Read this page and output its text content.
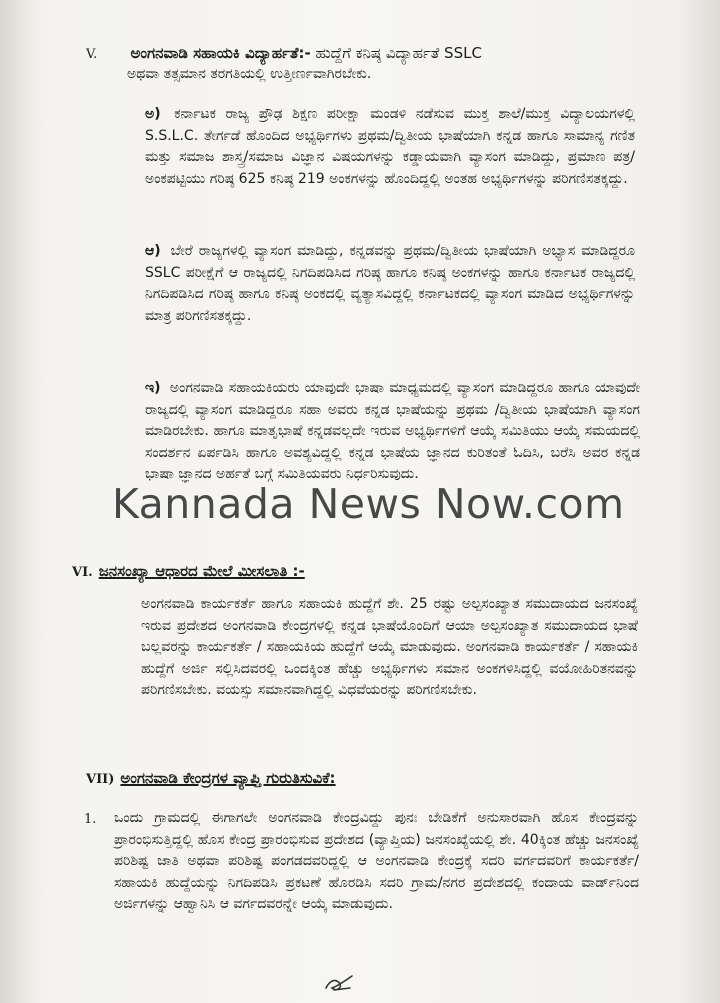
V. ಅಂಗನವಾಡಿ ಸಹಾಯಕಿ ವಿದ್ಯಾರ್ಹತೆ:- ಹುದ್ದೆಗೆ ಕನಿಷ್ಠ ವಿದ್ಯಾರ್ಹತೆ SSLC
ಅಥವಾ ತತ್ಸಮಾನ ತರಗತಿಯಲ್ಲಿ ಉತ್ತೀರ್ಣವಾಗಿರಬೇಕು.
ಅ) ಕರ್ನಾಟಕ ರಾಜ್ಯ ಪ್ರೌಢ ಶಿಕ್ಷಣ ಪರೀಕ್ಷಾ ಮಂಡಳಿ ನಡೆಸುವ ಮುಕ್ತ ಶಾಲೆ/ಮುಕ್ತ ವಿದ್ಯಾಲಯಗಳಲ್ಲಿ S.S.L.C. ತೇರ್ಗಡೆ ಹೊಂದಿದ ಅಭ್ಯರ್ಥಿಗಳು ಪ್ರಥಮ/ದ್ವಿತೀಯ ಭಾಷೆಯಾಗಿ ಕನ್ನಡ ಹಾಗೂ ಸಾಮಾನ್ಯ ಗಣಿತ ಮತ್ತು ಸಮಾಜ ಶಾಸ್ತ್ರ/ಸಮಾಜ ವಿಜ್ಞಾನ ವಿಷಯಗಳನ್ನು ಕಡ್ಡಾಯವಾಗಿ ವ್ಯಾಸಂಗ ಮಾಡಿದ್ದು, ಪ್ರಮಾಣ ಪತ್ರ/ಅಂಕಪಟ್ಟಿಯು ಗರಿಷ್ಠ 625 ಕನಿಷ್ಠ 219 ಅಂಕಗಳನ್ನು ಹೊಂದಿದ್ದಲ್ಲಿ ಅಂತಹ ಅಭ್ಯರ್ಥಿಗಳನ್ನು ಪರಿಗಣಿಸತಕ್ಕದ್ದು.
ಆ) ಬೇರೆ ರಾಜ್ಯಗಳಲ್ಲಿ ವ್ಯಾಸಂಗ ಮಾಡಿದ್ದು, ಕನ್ನಡವನ್ನು ಪ್ರಥಮ/ದ್ವಿತೀಯ ಭಾಷೆಯಾಗಿ ಅಭ್ಯಾಸ ಮಾಡಿದ್ದರೂ SSLC ಪರೀಕ್ಷೆಗೆ ಆ ರಾಜ್ಯದಲ್ಲಿ ನಿಗದಿಪಡಿಸಿದ ಗರಿಷ್ಠ ಹಾಗೂ ಕನಿಷ್ಠ ಅಂಕಗಳನ್ನು ಹಾಗೂ ಕರ್ನಾಟಕ ರಾಜ್ಯದಲ್ಲಿ ನಿಗದಿಪಡಿಸಿದ ಗರಿಷ್ಠ ಹಾಗೂ ಕನಿಷ್ಠ ಅಂಕದಲ್ಲಿ ವ್ಯತ್ಯಾಸವಿದ್ದಲ್ಲಿ ಕರ್ನಾಟಕದಲ್ಲಿ ವ್ಯಾಸಂಗ ಮಾಡಿದ ಅಭ್ಯರ್ಥಿಗಳನ್ನು ಮಾತ್ರ ಪರಿಗಣಿಸತಕ್ಕದ್ದು.
ಇ) ಅಂಗನವಾಡಿ ಸಹಾಯಕಿಯರು ಯಾವುದೇ ಭಾಷಾ ಮಾಧ್ಯಮದಲ್ಲಿ ವ್ಯಾಸಂಗ ಮಾಡಿದ್ದರೂ ಹಾಗೂ ಯಾವುದೇ ರಾಜ್ಯದಲ್ಲಿ ವ್ಯಾಸಂಗ ಮಾಡಿದ್ದರೂ ಸಹಾ ಅವರು ಕನ್ನಡ ಭಾಷೆಯನ್ನು ಪ್ರಥಮ /ದ್ವಿತೀಯ ಭಾಷೆಯಾಗಿ ವ್ಯಾಸಂಗ ಮಾಡಿರಬೇಕು. ಹಾಗೂ ಮಾತೃಭಾಷೆ ಕನ್ನಡವಲ್ಲದೇ ಇರುವ ಅಭ್ಯರ್ಥಿಗಳಿಗೆ ಆಯ್ಕೆ ಸಮಿತಿಯು ಆಯ್ಕೆ ಸಮಯದಲ್ಲಿ ಸಂದರ್ಶನ ಏರ್ಪಡಿಸಿ ಹಾಗೂ ಅವಶ್ಯವಿದ್ದಲ್ಲಿ ಕನ್ನಡ ಭಾಷೆಯ ಜ್ಞಾನದ ಕುರಿತಂತೆ ಓದಿಸಿ, ಬರೆಸಿ ಅವರ ಕನ್ನಡ ಭಾಷಾ ಜ್ಞಾನದ ಅರ್ಹತೆ ಬಗ್ಗೆ ಸಮಿತಿಯವರು ನಿರ್ಧರಿಸುವುದು.
Kannada News Now.com
VI. ಜನಸಂಖ್ಯಾ ಆಧಾರದ ಮೇಲೆ ಮೀಸಲಾತಿ :-
ಅಂಗನವಾಡಿ ಕಾರ್ಯಕರ್ತೆ ಹಾಗೂ ಸಹಾಯಕಿ ಹುದ್ದೆಗೆ ಶೇ. 25 ರಷ್ಟು ಅಲ್ಪಸಂಖ್ಯಾತ ಸಮುದಾಯದ ಜನಸಂಖ್ಯೆ ಇರುವ ಪ್ರದೇಶದ ಅಂಗನವಾಡಿ ಕೇಂದ್ರಗಳಲ್ಲಿ ಕನ್ನಡ ಭಾಷೆಯೊಂದಿಗೆ ಆಯಾ ಅಲ್ಪಸಂಖ್ಯಾತ ಸಮುದಾಯದ ಭಾಷೆ ಬಲ್ಲವರನ್ನು ಕಾರ್ಯಕರ್ತೆ / ಸಹಾಯಕಿಯ ಹುದ್ದೆಗೆ ಆಯ್ಕೆ ಮಾಡುವುದು. ಅಂಗನವಾಡಿ ಕಾರ್ಯಕರ್ತೆ / ಸಹಾಯಕಿ ಹುದ್ದೆಗೆ ಅರ್ಜಿ ಸಲ್ಲಿಸಿದವರಲ್ಲಿ ಒಂದಕ್ಕಿಂತ ಹೆಚ್ಚು ಅಭ್ಯರ್ಥಿಗಳು ಸಮಾನ ಅಂಕಗಳಿಸಿದ್ದಲ್ಲಿ ವಯೋಹಿರಿತನವನ್ನು ಪರಿಗಣಿಸಬೇಕು. ವಯಸ್ಸು ಸಮಾನವಾಗಿದ್ದಲ್ಲಿ ವಿಧವೆಯರನ್ನು ಪರಿಗಣಿಸಬೇಕು.
VII) ಅಂಗನವಾಡಿ ಕೇಂದ್ರಗಳ ವ್ಯಾಪ್ತಿ ಗುರುತಿಸುವಿಕೆ:
1. ಒಂದು ಗ್ರಾಮದಲ್ಲಿ ಈಗಾಗಲೇ ಅಂಗನವಾಡಿ ಕೇಂದ್ರವಿದ್ದು ಪುನಃ ಬೇಡಿಕೆಗೆ ಅನುಸಾರವಾಗಿ ಹೊಸ ಕೇಂದ್ರವನ್ನು ಪ್ರಾರಂಭಿಸುತ್ತಿದ್ದಲ್ಲಿ ಹೊಸ ಕೇಂದ್ರ ಪ್ರಾರಂಭಿಸುವ ಪ್ರದೇಶದ (ವ್ಯಾಪ್ತಿಯ) ಜನಸಂಖ್ಯೆಯಲ್ಲಿ ಶೇ. 40ಕ್ಕಿಂತ ಹೆಚ್ಚು ಜನಸಂಖ್ಯೆ ಪರಿಶಿಷ್ಟ ಜಾತಿ ಅಥವಾ ಪರಿಶಿಷ್ಟ ಪಂಗಡದವರಿದ್ದಲ್ಲಿ ಆ ಅಂಗನವಾಡಿ ಕೇಂದ್ರಕ್ಕೆ ಸದರಿ ವರ್ಗದವರಿಗೆ ಕಾರ್ಯಕರ್ತೆ/ಸಹಾಯಕಿ ಹುದ್ದೆಯನ್ನು ನಿಗದಿಪಡಿಸಿ ಪ್ರಕಟಣೆ ಹೊರಡಿಸಿ ಸದರಿ ಗ್ರಾಮ/ನಗರ ಪ್ರದೇಶದಲ್ಲಿ ಕಂದಾಯ ವಾರ್ಡ್‌ನಿಂದ ಅರ್ಜಿಗಳನ್ನು ಆಹ್ವಾನಿಸಿ ಆ ವರ್ಗದವರನ್ನೇ ಆಯ್ಕೆ ಮಾಡುವುದು.
